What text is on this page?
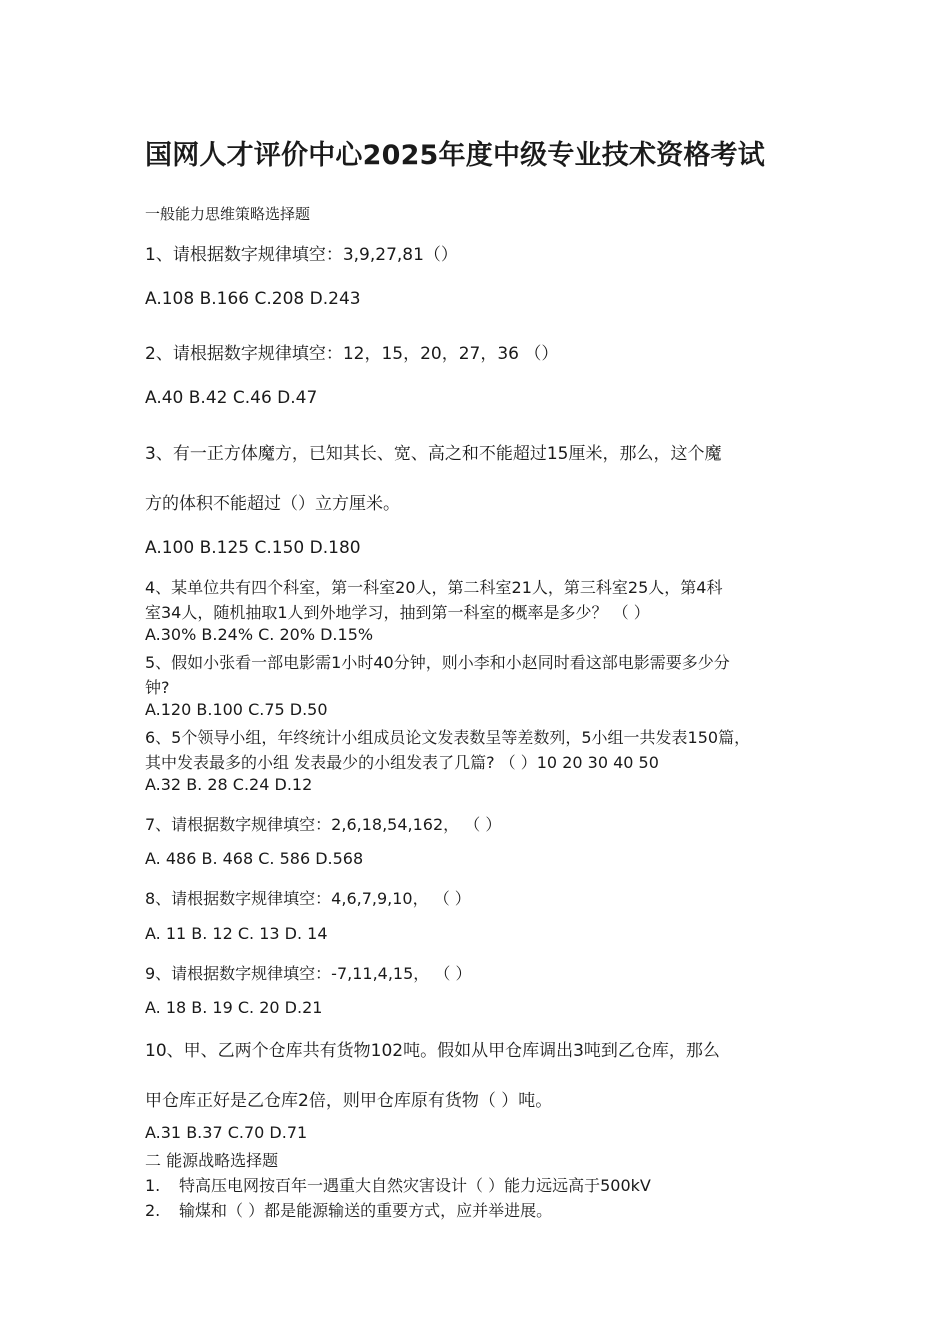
国网人才评价中心2025年度中级专业技术资格考试

一般能力思维策略选择题

1、请根据数字规律填空：3,9,27,81（）

A.108 B.166 C.208 D.243

2、请根据数字规律填空：12，15，20，27，36 （）

A.40 B.42 C.46 D.47

3、有一正方体魔方，已知其长、宽、高之和不能超过15厘米，那么，这个魔

方的体积不能超过（）立方厘米。

A.100 B.125 C.150 D.180

4、某单位共有四个科室，第一科室20人，第二科室21人，第三科室25人，第4科

室34人，随机抽取1人到外地学习，抽到第一科室的概率是多少？ （ ）

A.30% B.24% C. 20% D.15%

5、假如小张看一部电影需1小时40分钟，则小李和小赵同时看这部电影需要多少分

钟?

A.120 B.100 C.75 D.50

6、5个领导小组，年终统计小组成员论文发表数呈等差数列，5小组一共发表150篇，

其中发表最多的小组 发表最少的小组发表了几篇? （ ）10 20 30 40 50

A.32 B. 28 C.24 D.12

7、请根据数字规律填空：2,6,18,54,162， （ ）

A. 486 B. 468 C. 586 D.568

8、请根据数字规律填空：4,6,7,9,10， （ ）

A. 11 B. 12 C. 13 D. 14

9、请根据数字规律填空：-7,11,4,15， （ ）

A. 18 B. 19 C. 20 D.21

10、甲、乙两个仓库共有货物102吨。假如从甲仓库调出3吨到乙仓库，那么

甲仓库正好是乙仓库2倍，则甲仓库原有货物（ ）吨。

A.31 B.37 C.70 D.71

二 能源战略选择题

1. 特高压电网按百年一遇重大自然灾害设计（ ）能力远远高于500kV

2. 输煤和（ ）都是能源输送的重要方式，应并举进展。
